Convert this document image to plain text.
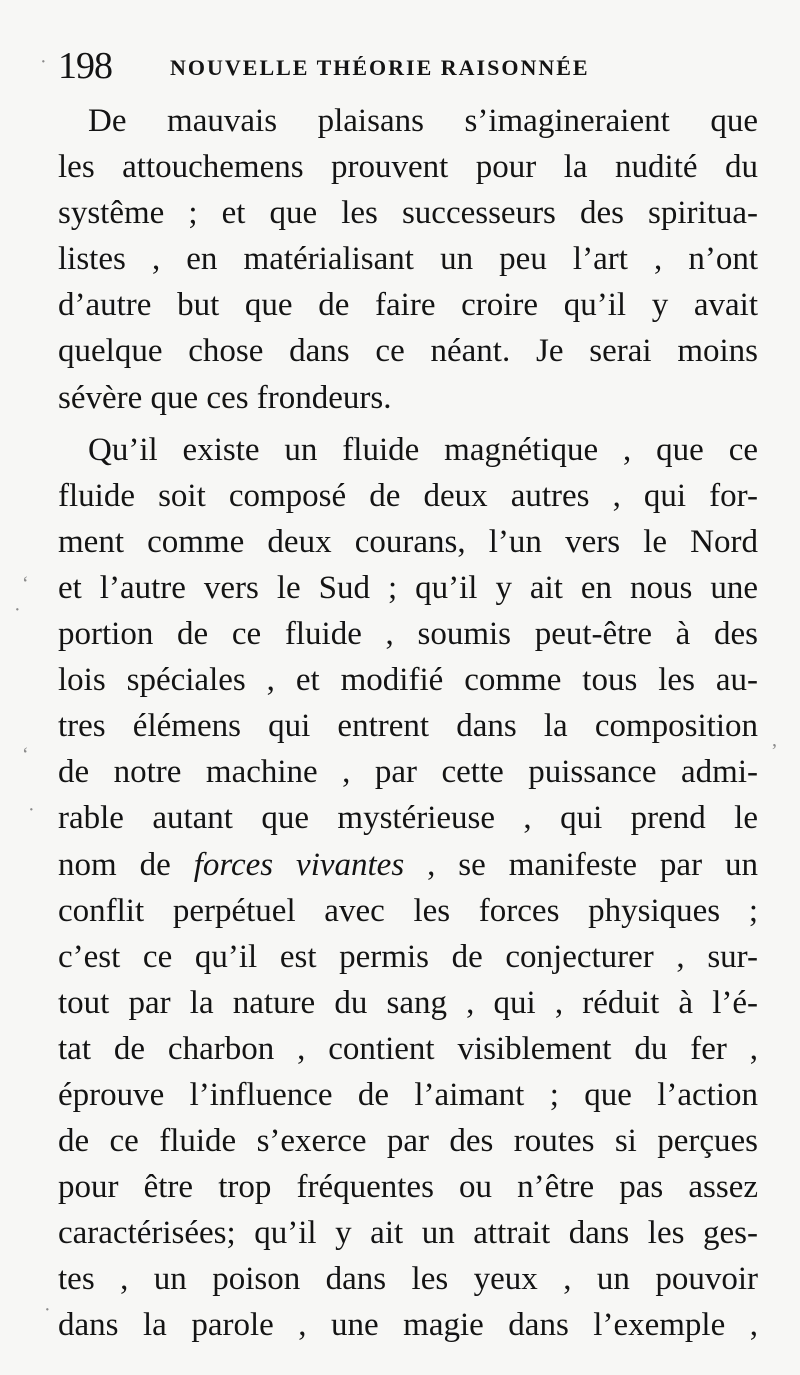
198	NOUVELLE THÉORIE RAISONNÉE
De mauvais plaisans s’imagineraient que
les attouchemens prouvent pour la nudité du
systême ; et que les successeurs des spiritua-
listes , en matérialisant un peu l’art , n’ont
d’autre but que de faire croire qu’il y avait
quelque chose dans ce néant. Je serai moins
sévère que ces frondeurs.
Qu’il existe un fluide magnétique , que ce
fluide soit composé de deux autres , qui for-
ment comme deux courans, l’un vers le Nord
et l’autre vers le Sud ; qu’il y ait en nous une
portion de ce fluide , soumis peut-être à des
lois spéciales , et modifié comme tous les au-
tres élémens qui entrent dans la composition
de notre machine , par cette puissance admi-
rable autant que mystérieuse , qui prend le
nom de forces vivantes , se manifeste par un
conflit perpétuel avec les forces physiques ;
c’est ce qu’il est permis de conjecturer , sur-
tout par la nature du sang , qui , réduit à l’é-
tat de charbon , contient visiblement du fer ,
éprouve l’influence de l’aimant ; que l’action
de ce fluide s’exerce par des routes si perçues
pour être trop fréquentes ou n’être pas assez
caractérisées; qu’il y ait un attrait dans les ges-
tes , un poison dans les yeux , un pouvoir
dans la parole , une magie dans l’exemple ,
·
‘
·
‘
·
,
·
